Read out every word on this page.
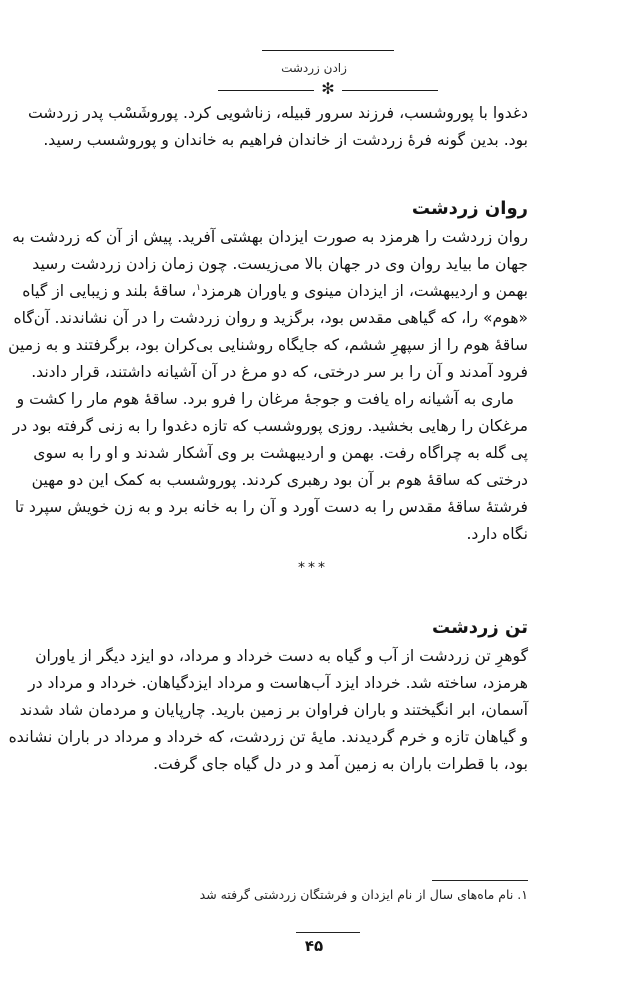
زادن زردشت
✻
دغدوا با پوروشسب، فرزند سرور قبیله، زناشویی کرد. پوروشَسْب پدر زردشت
بود. بدین گونه فرهٔ زردشت از خاندان فراهیم به خاندان و پوروشسب رسید.
روان زردشت
روان زردشت را هرمزد به صورت ایزدان بهشتی آفرید. پیش از آن که زردشت به
جهان ما بیاید روان وی در جهان بالا می‌زیست. چون زمان زادن زردشت رسید
بهمن و اردیبهشت، از ایزدان مینوی و یاوران هرمزد$^۱$، ساقهٔ بلند و زیبایی از گیاه
«هوم» را، که گیاهی مقدس بود، برگزید و روان زردشت را در آن نشاندند. آن‌گاه
ساقهٔ هوم را از سپهرِ ششم، که جایگاه روشنایی بی‌کران بود، برگرفتند و به زمین
فرود آمدند و آن را بر سر درختی، که دو مرغ در آن آشیانه داشتند، قرار دادند.
ماری به آشیانه راه یافت و جوجهٔ مرغان را فرو برد. ساقهٔ هوم مار را کشت و
مرغکان را رهایی بخشید. روزی پوروشسب که تازه دغدوا را به زنی گرفته بود در
پی گله به چراگاه رفت. بهمن و اردیبهشت بر وی آشکار شدند و او را به سوی
درختی که ساقهٔ هوم بر آن بود رهبری کردند. پوروشسب به کمک این دو مهین
فرشتهٔ ساقهٔ مقدس را به دست آورد و آن را به خانه برد و به زن خویش سپرد تا
نگاه دارد.
***
تن زردشت
گوهرِ تن زردشت از آب و گیاه به دست خرداد و مرداد، دو ایزد دیگر از یاوران
هرمزد، ساخته شد. خرداد ایزد آب‌هاست و مرداد ایزدگیاهان. خرداد و مرداد در
آسمان، ابر انگیختند و باران فراوان بر زمین بارید. چارپایان و مردمان شاد شدند
و گیاهان تازه و خرم گردیدند. مایهٔ تن زردشت، که خرداد و مرداد در باران نشانده
بود، با قطرات باران به زمین آمد و در دل گیاه جای گرفت.
۱. نام ماه‌های سال از نام ایزدان و فرشتگان زردشتی گرفته شد
۴۵
